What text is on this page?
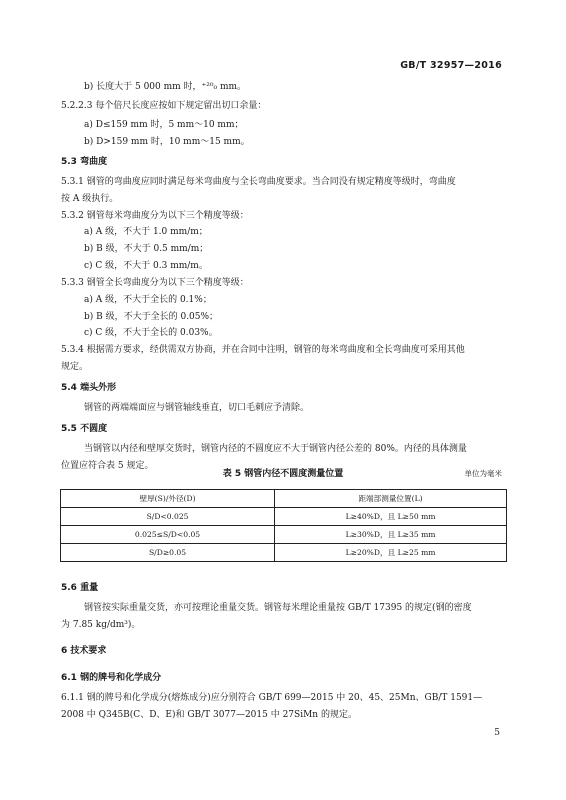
GB/T 32957—2016
b) 长度大于 5 000 mm 时，⁺²⁰₀ mm。
5.2.2.3 每个倍尺长度应按如下规定留出切口余量：
a) D≤159 mm 时，5 mm～10 mm；
b) D>159 mm 时，10 mm～15 mm。
5.3 弯曲度
5.3.1 钢管的弯曲度应同时满足每米弯曲度与全长弯曲度要求。当合同没有规定精度等级时，弯曲度
按 A 级执行。
5.3.2 钢管每米弯曲度分为以下三个精度等级：
a) A 级，不大于 1.0 mm/m；
b) B 级，不大于 0.5 mm/m；
c) C 级，不大于 0.3 mm/m。
5.3.3 钢管全长弯曲度分为以下三个精度等级：
a) A 级，不大于全长的 0.1%；
b) B 级，不大于全长的 0.05%；
c) C 级，不大于全长的 0.03%。
5.3.4 根据需方要求，经供需双方协商，并在合同中注明，钢管的每米弯曲度和全长弯曲度可采用其他
规定。
5.4 端头外形
钢管的两端端面应与钢管轴线垂直，切口毛刺应予清除。
5.5 不圆度
当钢管以内径和壁厚交货时，钢管内径的不圆度应不大于钢管内径公差的 80%。内径的具体测量
位置应符合表 5 规定。
表 5 钢管内径不圆度测量位置	单位为毫米
壁厚(S)/外径(D)	距端部测量位置(L)
S/D<0.025	L≥40%D，且 L≥50 mm
0.025≤S/D<0.05	L≥30%D，且 L≥35 mm
S/D≥0.05	L≥20%D，且 L≥25 mm
5.6 重量
钢管按实际重量交货，亦可按理论重量交货。钢管每米理论重量按 GB/T 17395 的规定(钢的密度
为 7.85 kg/dm³)。
6 技术要求
6.1 钢的牌号和化学成分
6.1.1 钢的牌号和化学成分(熔炼成分)应分别符合 GB/T 699—2015 中 20、45、25Mn、GB/T 1591—
2008 中 Q345B(C、D、E)和 GB/T 3077—2015 中 27SiMn 的规定。
5
